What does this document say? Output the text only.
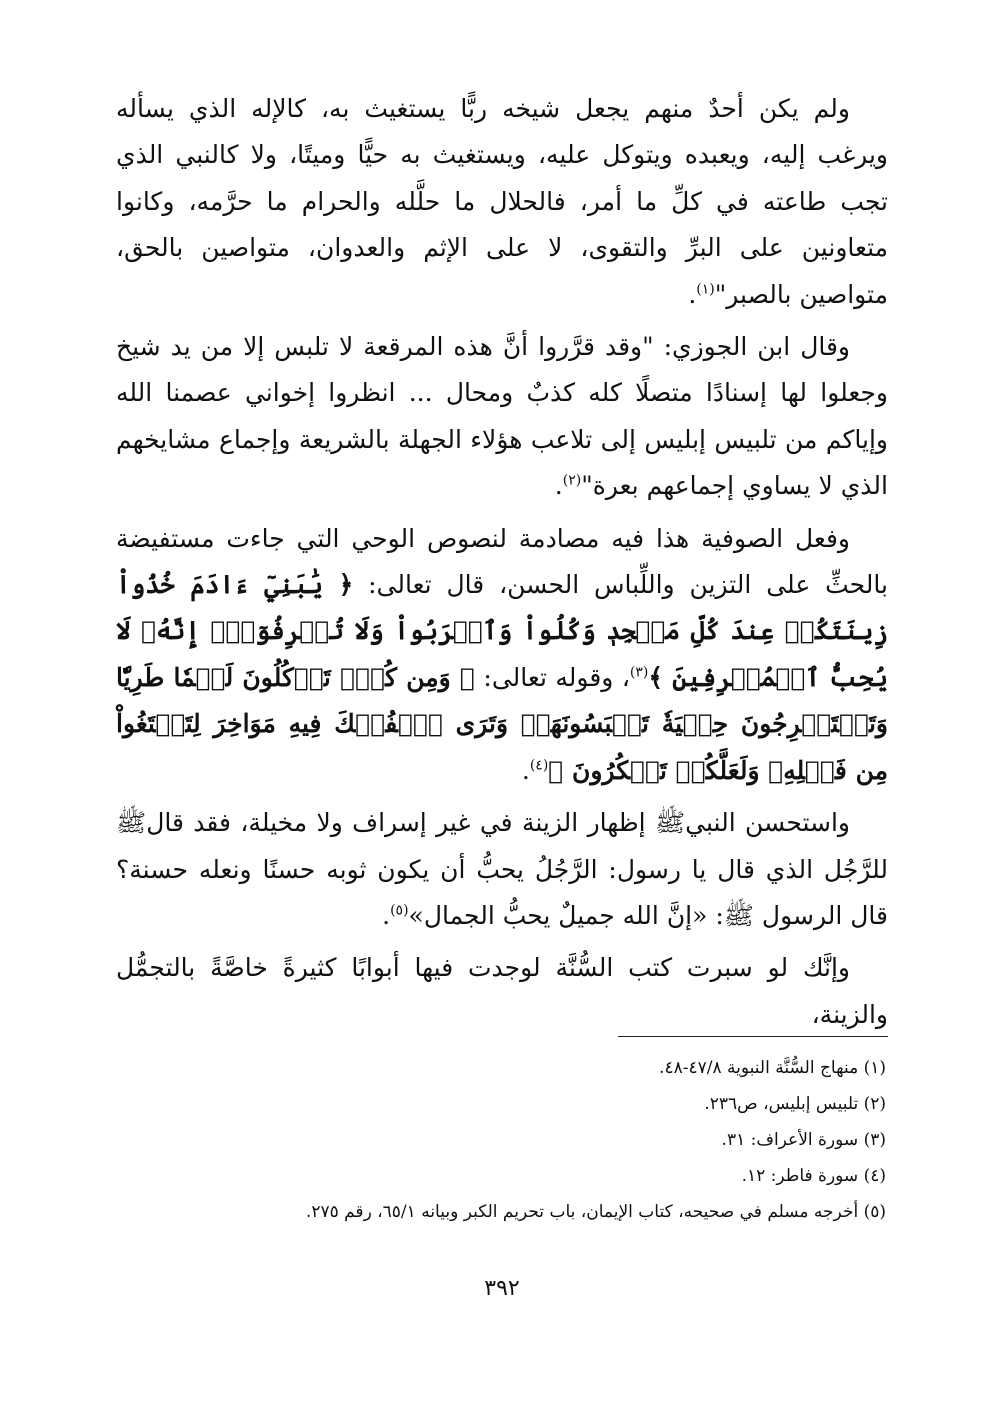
ولم يكن أحدٌ منهم يجعل شيخه ربًّا يستغيث به، كالإله الذي يسأله ويرغب إليه، ويعبده ويتوكل عليه، ويستغيث به حيًّا وميتًا، ولا كالنبي الذي تجب طاعته في كلِّ ما أمر، فالحلال ما حلَّله والحرام ما حرَّمه، وكانوا متعاونين على البرِّ والتقوى، لا على الإثم والعدوان، متواصين بالحق، متواصين بالصبر"$^{(١)}$.

وقال ابن الجوزي: "وقد قرَّروا أنَّ هذه المرقعة لا تلبس إلا من يد شيخ وجعلوا لها إسنادًا متصلًا كله كذبٌ ومحال ... انظروا إخواني عصمنا الله وإياكم من تلبيس إبليس إلى تلاعب هؤلاء الجهلة بالشريعة وإجماع مشايخهم الذي لا يساوي إجماعهم بعرة"$^{(٢)}$.

وفعل الصوفية هذا فيه مصادمة لنصوص الوحي التي جاءت مستفيضة بالحثِّ على التزين واللِّباس الحسن، قال تعالى: ﴿ يَٰبَنِيٓ ءَادَمَ خُذُواْ زِينَتَكُمۡ عِندَ كُلِّ مَسۡجِدٖ وَكُلُواْ وَٱشۡرَبُواْ وَلَا تُسۡرِفُوٓاْۚ إِنَّهُۥ لَا يُحِبُّ ٱلۡمُسۡرِفِينَ ﴾$^{(٣)}$، وقوله تعالى: ﴿ وَمِن كُلّٖ تَأۡكُلُونَ لَحۡمٗا طَرِيّٗا وَتَسۡتَخۡرِجُونَ حِلۡيَةٗ تَلۡبَسُونَهَاۖ وَتَرَى ٱلۡفُلۡكَ فِيهِ مَوَاخِرَ لِتَبۡتَغُواْ مِن فَضۡلِهِۦ وَلَعَلَّكُمۡ تَشۡكُرُونَ ﴾$^{(٤)}$.

واستحسن النبيﷺ إظهار الزينة في غير إسراف ولا مخيلة، فقد قالﷺ للرَّجُل الذي قال يا رسول: الرَّجُلُ يحبُّ أن يكون ثوبه حسنًا ونعله حسنة؟ قال الرسول ﷺ: «إنَّ الله جميلٌ يحبُّ الجمال»$^{(٥)}$.

وإنَّك لو سبرت كتب السُّنَّة لوجدت فيها أبوابًا كثيرةً خاصَّةً بالتجمُّل والزينة،

(١) منهاج السُّنَّة النبوية ٤٧/٨-٤٨.
(٢) تلبيس إبليس، ص٢٣٦.
(٣) سورة الأعراف: ٣١.
(٤) سورة فاطر: ١٢.
(٥) أخرجه مسلم في صحيحه، كتاب الإيمان، باب تحريم الكبر وبيانه ٦٥/١، رقم ٢٧٥.
٣٩٢
